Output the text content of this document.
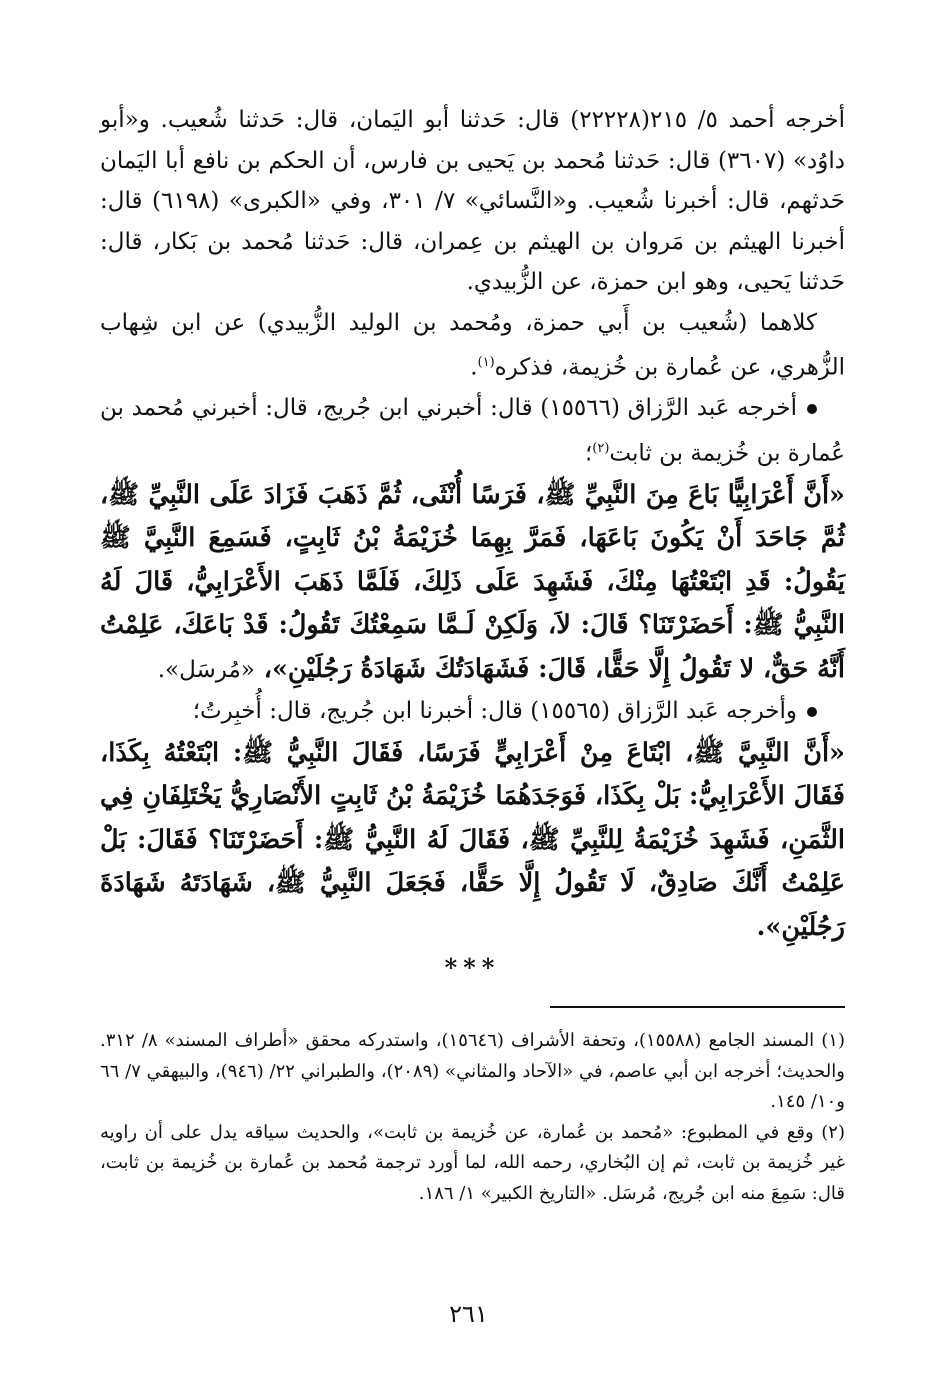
أخرجه أحمد ٥/ ٢١٥(٢٢٢٢٨) قال: حَدثنا أبو اليَمان، قال: حَدثنا شُعيب. و«أبو داوُد» (٣٦٠٧) قال: حَدثنا مُحمد بن يَحيى بن فارس، أن الحكم بن نافع أبا اليَمان حَدثهم، قال: أخبرنا شُعيب. و«النَّسائي» ٧/ ٣٠١، وفي «الكبرى» (٦١٩٨) قال: أخبرنا الهيثم بن مَروان بن الهيثم بن عِمران، قال: حَدثنا مُحمد بن بَكار، قال: حَدثنا يَحيى، وهو ابن حمزة، عن الزُّبيدي.

كلاهما (شُعيب بن أَبي حمزة، ومُحمد بن الوليد الزُّبيدي) عن ابن شِهاب الزُّهري، عن عُمارة بن خُزيمة، فذكره$^{(١)}$.

أخرجه عَبد الرَّزاق (١٥٥٦٦) قال: أخبرني ابن جُريج، قال: أخبرني مُحمد بن عُمارة بن خُزيمة بن ثابت$^{(٢)}$؛

«أَنَّ أَعْرَابِيًّا بَاعَ مِنَ النَّبِيِّ ﷺ، فَرَسًا أُنْثَى، ثُمَّ ذَهَبَ فَزَادَ عَلَى النَّبِيِّ ﷺ، ثُمَّ جَاحَدَ أَنْ يَكُونَ بَاعَهَا، فَمَرَّ بِهِمَا خُزَيْمَةُ بْنُ ثَابِتٍ، فَسَمِعَ النَّبِيَّ ﷺ يَقُولُ: قَدِ ابْتَعْتُهَا مِنْكَ، فَشَهِدَ عَلَى ذَلِكَ، فَلَمَّا ذَهَبَ الأَعْرَابِيُّ، قَالَ لَهُ النَّبِيُّ ﷺ: أَحَضَرْتَنَا؟ قَالَ: لاَ، وَلَكِنْ لَـمَّا سَمِعْتُكَ تَقُولُ: قَدْ بَاعَكَ، عَلِمْتُ أَنَّهُ حَقٌّ، لا تَقُولُ إِلَّا حَقًّا، قَالَ: فَشَهَادَتُكَ شَهَادَةُ رَجُلَيْنِ»، «مُرسَل».

وأخرجه عَبد الرَّزاق (١٥٥٦٥) قال: أخبرنا ابن جُريج، قال: أُخبِرتُ؛

«أَنَّ النَّبِيَّ ﷺ، ابْتَاعَ مِنْ أَعْرَابِيٍّ فَرَسًا، فَقَالَ النَّبِيُّ ﷺ: ابْتَعْتُهُ بِكَذَا، فَقَالَ الأَعْرَابِيُّ: بَلْ بِكَذَا، فَوَجَدَهُمَا خُزَيْمَةُ بْنُ ثَابِتٍ الأَنْصَارِيُّ يَخْتَلِفَانِ فِي الثَّمَنِ، فَشَهِدَ خُزَيْمَةُ لِلنَّبِيِّ ﷺ، فَقَالَ لَهُ النَّبِيُّ ﷺ: أَحَضَرْتَنَا؟ فَقَالَ: بَلْ عَلِمْتُ أَنَّكَ صَادِقٌ، لَا تَقُولُ إِلَّا حَقًّا، فَجَعَلَ النَّبِيُّ ﷺ، شَهَادَتَهُ شَهَادَةَ رَجُلَيْنِ».

***

(١) المسند الجامع (١٥٥٨٨)، وتحفة الأشراف (١٥٦٤٦)، واستدركه محقق «أطراف المسند» ٨/ ٣١٢. والحديث؛ أخرجه ابن أبي عاصم، في «الآحاد والمثاني» (٢٠٨٩)، والطبراني ٢٢/ (٩٤٦)، والبيهقي ٧/ ٦٦ و١٠/ ١٤٥.

(٢) وقع في المطبوع: «مُحمد بن عُمارة، عن خُزيمة بن ثابت»، والحديث سياقه يدل على أن راويه غير خُزيمة بن ثابت، ثم إن البُخاري، رحمه الله، لما أورد ترجمة مُحمد بن عُمارة بن خُزيمة بن ثابت، قال: سَمِعَ منه ابن جُريج، مُرسَل. «التاريخ الكبير» ١/ ١٨٦.

٢٦١
